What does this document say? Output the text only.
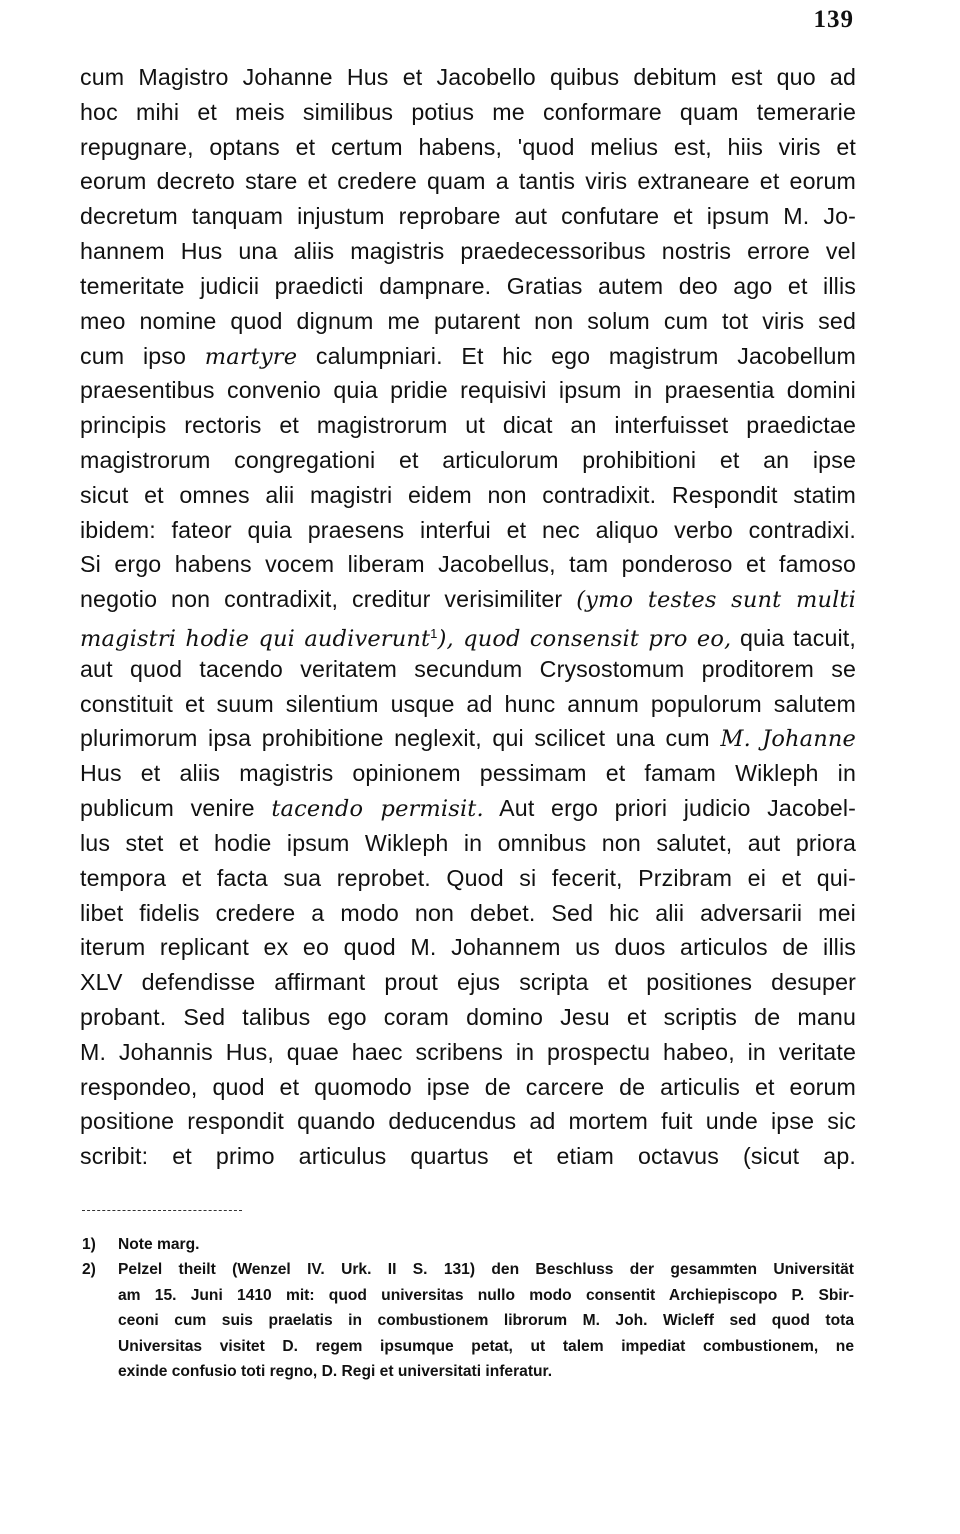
139
cum Magistro Johanne Hus et Jacobello quibus debitum est quo ad
hoc mihi et meis similibus potius me conformare quam temerarie
repugnare, optans et certum habens, 'quod melius est, hiis viris et
eorum decreto stare et credere quam a tantis viris extraneare et eorum
decretum tanquam injustum reprobare aut confutare et ipsum M. Jo-
hannem Hus una aliis magistris praedecessoribus nostris errore vel
temeritate judicii praedicti dampnare. Gratias autem deo ago et illis
meo nomine quod dignum me putarent non solum cum tot viris sed
cum ipso martyre calumpniari. Et hic ego magistrum Jacobellum
praesentibus convenio quia pridie requisivi ipsum in praesentia domini
principis rectoris et magistrorum ut dicat an interfuisset praedictae
magistrorum congregationi et articulorum prohibitioni et an ipse
sicut et omnes alii magistri eidem non contradixit. Respondit statim
ibidem: fateor quia praesens interfui et nec aliquo verbo contradixi.
Si ergo habens vocem liberam Jacobellus, tam ponderoso et famoso
negotio non contradixit, creditur verisimiliter (ymo testes sunt multi
magistri hodie qui audiverunt$^1$), quod consensit pro eo, quia tacuit,
aut quod tacendo veritatem secundum Crysostomum proditorem se
constituit et suum silentium usque ad hunc annum populorum salutem
plurimorum ipsa prohibitione neglexit, qui scilicet una cum M. Johanne
Hus et aliis magistris opinionem pessimam et famam Wikleph in
publicum venire tacendo permisit. Aut ergo priori judicio Jacobel-
lus stet et hodie ipsum Wikleph in omnibus non salutet, aut priora
tempora et facta sua reprobet. Quod si fecerit, Przibram ei et qui-
libet fidelis credere a modo non debet. Sed hic alii adversarii mei
iterum replicant ex eo quod M. Johannem us duos articulos de illis
XLV defendisse affirmant prout ejus scripta et positiones desuper
probant. Sed talibus ego coram domino Jesu et scriptis de manu
M. Johannis Hus, quae haec scribens in prospectu habeo, in veritate
respondeo, quod et quomodo ipse de carcere de articulis et eorum
positione respondit quando deducendus ad mortem fuit unde ipse sic
scribit: et primo articulus quartus et etiam octavus (sicut ap.
1)	Note marg.
2)	Pelzel theilt (Wenzel IV. Urk. II S. 131) den Beschluss der gesammten Universität
am 15. Juni 1410 mit: quod universitas nullo modo consentit Archiepiscopo P. Sbir-
ceoni cum suis praelatis in combustionem librorum M. Joh. Wicleff sed quod tota
Universitas visitet D. regem ipsumque petat, ut talem impediat combustionem, ne
exinde confusio toti regno, D. Regi et universitati inferatur.
